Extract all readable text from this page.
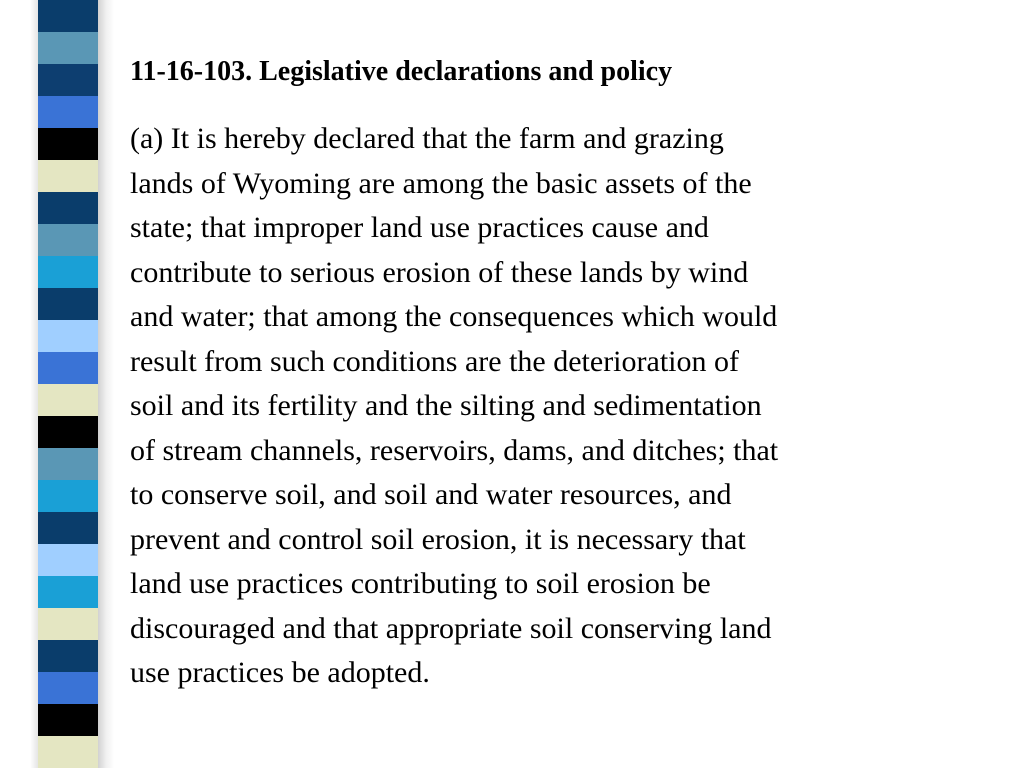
11-16-103. Legislative declarations and policy
(a) It is hereby declared that the farm and grazing
lands of Wyoming are among the basic assets of the
state; that improper land use practices cause and
contribute to serious erosion of these lands by wind
and water; that among the consequences which would
result from such conditions are the deterioration of
soil and its fertility and the silting and sedimentation
of stream channels, reservoirs, dams, and ditches; that
to conserve soil, and soil and water resources, and
prevent and control soil erosion, it is necessary that
land use practices contributing to soil erosion be
discouraged and that appropriate soil conserving land
use practices be adopted.
